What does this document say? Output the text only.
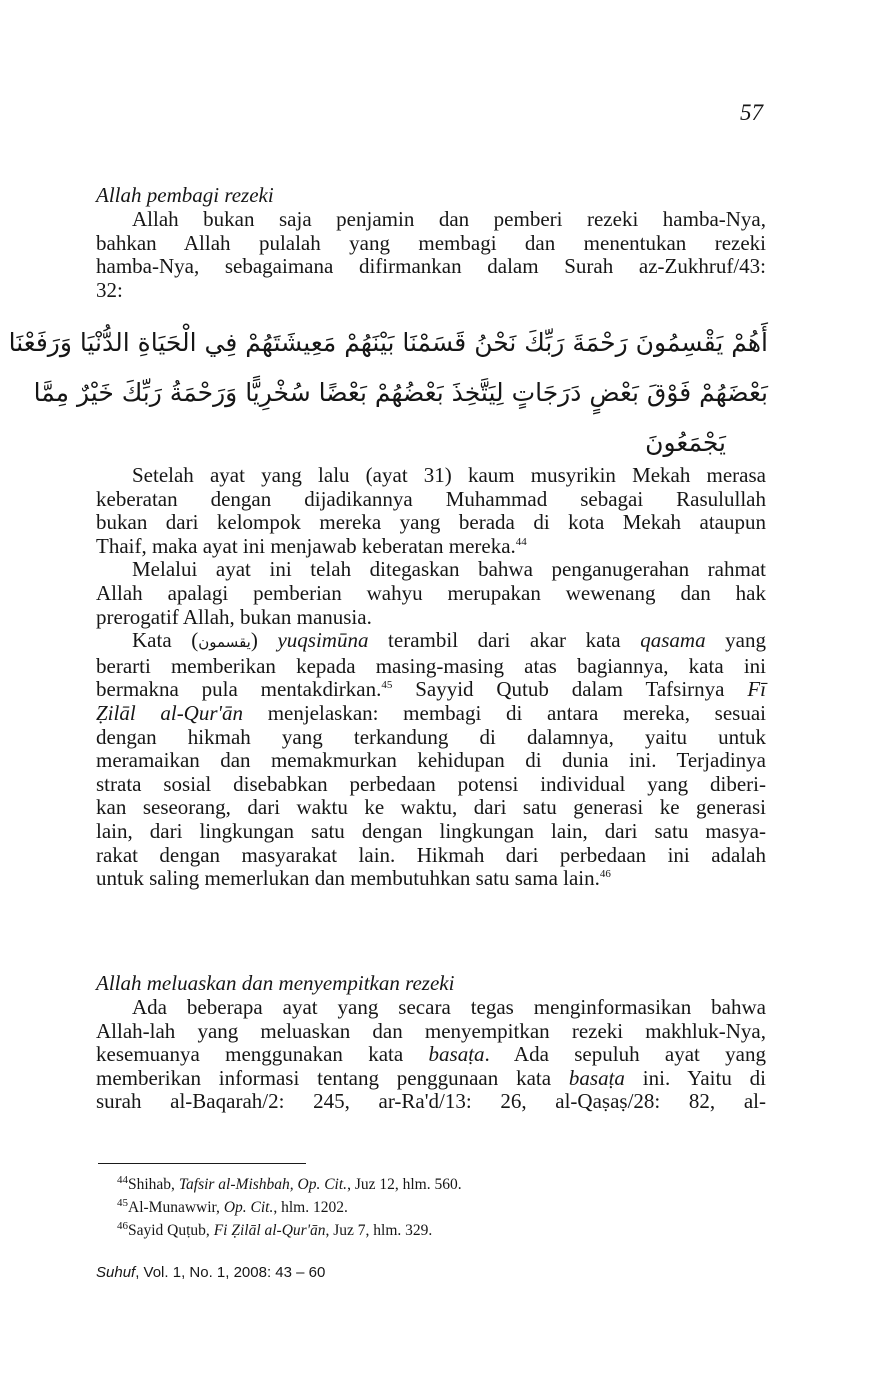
57
Allah pembagi rezeki
Allah bukan saja penjamin dan pemberi rezeki hamba-Nya,
bahkan Allah pulalah yang membagi dan menentukan rezeki
hamba-Nya, sebagaimana difirmankan dalam Surah az-Zukhruf/43:
32:
أَهُمْ يَقْسِمُونَ رَحْمَةَ رَبِّكَ نَحْنُ قَسَمْنَا بَيْنَهُمْ مَعِيشَتَهُمْ فِي الْحَيَاةِ الدُّنْيَا وَرَفَعْنَا
بَعْضَهُمْ فَوْقَ بَعْضٍ دَرَجَاتٍ لِيَتَّخِذَ بَعْضُهُمْ بَعْضًا سُخْرِيًّا وَرَحْمَةُ رَبِّكَ خَيْرٌ مِمَّا
يَجْمَعُونَ
Setelah ayat yang lalu (ayat 31) kaum musyrikin Mekah merasa
keberatan dengan dijadikannya Muhammad sebagai Rasulullah
bukan dari kelompok mereka yang berada di kota Mekah ataupun
Thaif, maka ayat ini menjawab keberatan mereka.$^{44}$
Melalui ayat ini telah ditegaskan bahwa penganugerahan rahmat
Allah apalagi pemberian wahyu merupakan wewenang dan hak
prerogatif Allah, bukan manusia.
Kata (يقسمون) yuqsimūna terambil dari akar kata qasama yang
berarti memberikan kepada masing-masing atas bagiannya, kata ini
bermakna pula mentakdirkan.$^{45}$ Sayyid Qutub dalam Tafsirnya Fī
Ẓilāl al-Qur'ān menjelaskan: membagi di antara mereka, sesuai
dengan hikmah yang terkandung di dalamnya, yaitu untuk
meramaikan dan memakmurkan kehidupan di dunia ini. Terjadinya
strata sosial disebabkan perbedaan potensi individual yang diberi-
kan seseorang, dari waktu ke waktu, dari satu generasi ke generasi
lain, dari lingkungan satu dengan lingkungan lain, dari satu masya-
rakat dengan masyarakat lain. Hikmah dari perbedaan ini adalah
untuk saling memerlukan dan membutuhkan satu sama lain.$^{46}$
Allah meluaskan dan menyempitkan rezeki
Ada beberapa ayat yang secara tegas menginformasikan bahwa
Allah-lah yang meluaskan dan menyempitkan rezeki makhluk-Nya,
kesemuanya menggunakan kata basaṭa. Ada sepuluh ayat yang
memberikan informasi tentang penggunaan kata basaṭa ini. Yaitu di
surah al-Baqarah/2: 245, ar-Ra'd/13: 26, al-Qaṣaṣ/28: 82, al-
$^{44}$Shihab, Tafsir al-Mishbah, Op. Cit., Juz 12, hlm. 560.
$^{45}$Al-Munawwir, Op. Cit., hlm. 1202.
$^{46}$Sayid Quṭub, Fi Ẓilāl al-Qur'ān, Juz 7, hlm. 329.
Suhuf, Vol. 1, No. 1, 2008: 43 – 60
